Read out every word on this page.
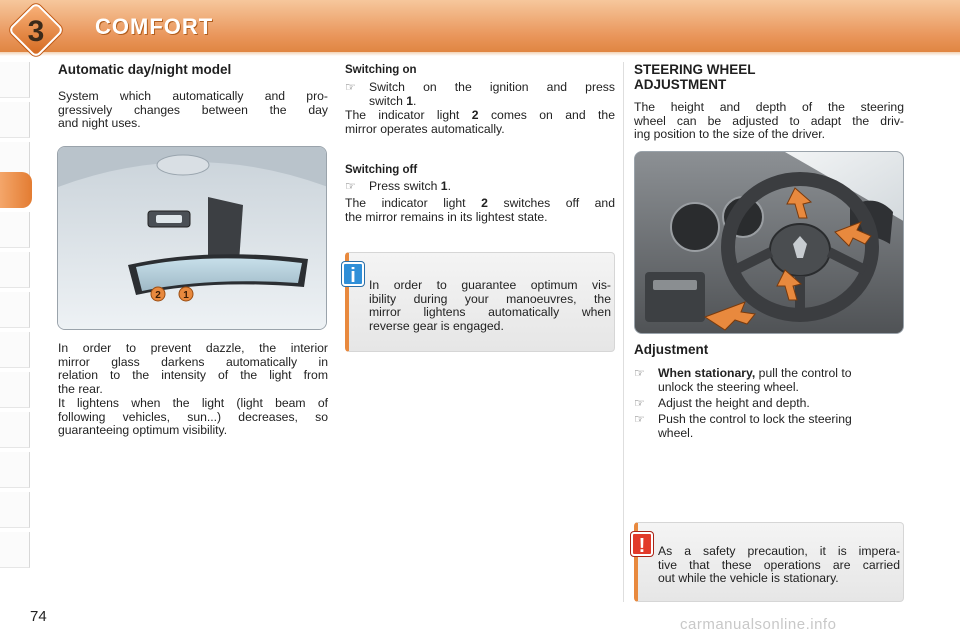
3	COMFORT
Automatic day/night model
System which automatically and pro-
gressively changes between the day
and night uses.
2 1
In order to prevent dazzle, the interior
mirror glass darkens automatically in
relation to the intensity of the light from
the rear.
It lightens when the light (light beam of
following vehicles, sun...) decreases, so
guaranteeing optimum visibility.
Switching on
☞ Switch on the ignition and press
switch 1.
The indicator light 2 comes on and the
mirror operates automatically.
Switching off
☞ Press switch 1.
The indicator light 2 switches off and
the mirror remains in its lightest state.
In order to guarantee optimum vis-
ibility during your manoeuvres, the
mirror lightens automatically when
reverse gear is engaged.
i
STEERING WHEEL
ADJUSTMENT
The height and depth of the steering
wheel can be adjusted to adapt the driv-
ing position to the size of the driver.
Adjustment
☞ When stationary, pull the control to
unlock the steering wheel.
☞ Adjust the height and depth.
☞ Push the control to lock the steering
wheel.
As a safety precaution, it is impera-
tive that these operations are carried
out while the vehicle is stationary.
!
74	carmanualsonline.info
